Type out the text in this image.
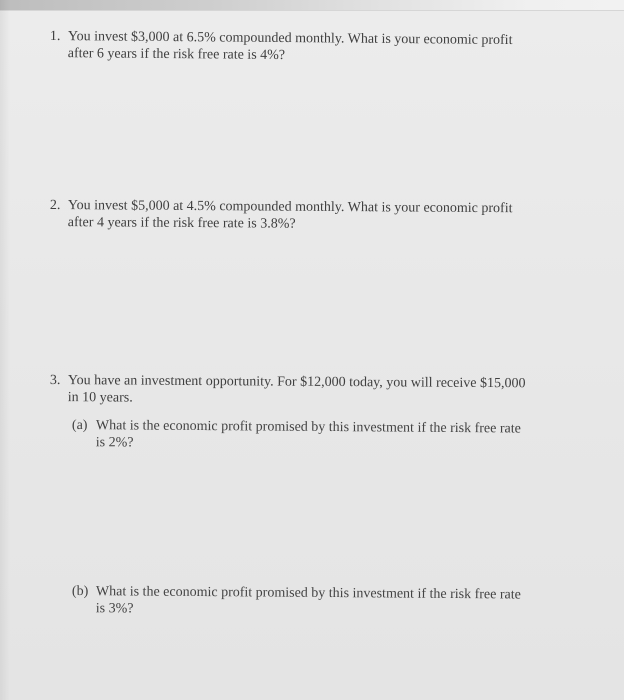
1. You invest $3,000 at 6.5% compounded monthly. What is your economic profit
after 6 years if the risk free rate is 4%?
2. You invest $5,000 at 4.5% compounded monthly. What is your economic profit
after 4 years if the risk free rate is 3.8%?
3. You have an investment opportunity. For $12,000 today, you will receive $15,000
in 10 years.
(a) What is the economic profit promised by this investment if the risk free rate
is 2%?
(b) What is the economic profit promised by this investment if the risk free rate
is 3%?
